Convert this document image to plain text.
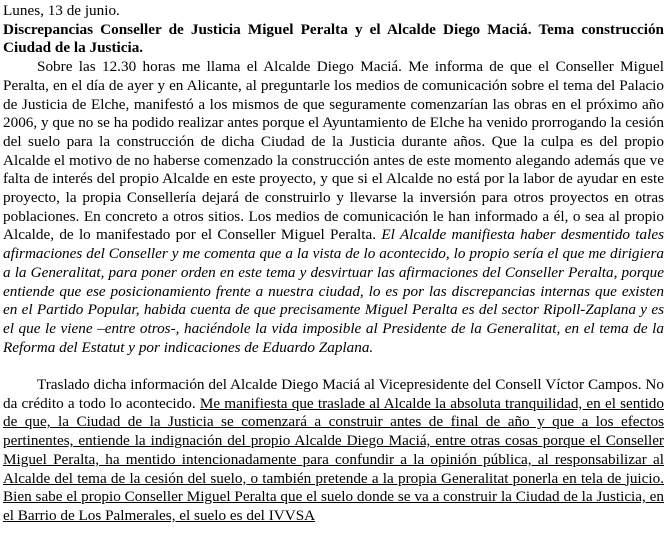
Lunes, 13 de junio.

Discrepancias Conseller de Justicia Miguel Peralta y el Alcalde Diego Maciá. Tema construcción Ciudad de la Justicia.

Sobre las 12.30 horas me llama el Alcalde Diego Maciá. Me informa de que el Conseller Miguel Peralta, en el día de ayer y en Alicante, al preguntarle los medios de comunicación sobre el tema del Palacio de Justicia de Elche, manifestó a los mismos de que seguramente comenzarían las obras en el próximo año 2006, y que no se ha podido realizar antes porque el Ayuntamiento de Elche ha venido prorrogando la cesión del suelo para la construcción de dicha Ciudad de la Justicia durante años. Que la culpa es del propio Alcalde el motivo de no haberse comenzado la construcción antes de este momento alegando además que ve falta de interés del propio Alcalde en este proyecto, y que si el Alcalde no está por la labor de ayudar en este proyecto, la propia Consellería dejará de construirlo y llevarse la inversión para otros proyectos en otras poblaciones. En concreto a otros sitios. Los medios de comunicación le han informado a él, o sea al propio Alcalde, de lo manifestado por el Conseller Miguel Peralta. El Alcalde manifiesta haber desmentido tales afirmaciones del Conseller y me comenta que a la vista de lo acontecido, lo propio sería el que me dirigiera a la Generalitat, para poner orden en este tema y desvirtuar las afirmaciones del Conseller Peralta, porque entiende que ese posicionamiento frente a nuestra ciudad, lo es por las discrepancias internas que existen en el Partido Popular, habida cuenta de que precisamente Miguel Peralta es del sector Ripoll-Zaplana y es el que le viene –entre otros-, haciéndole la vida imposible al Presidente de la Generalitat, en el tema de la Reforma del Estatut y por indicaciones de Eduardo Zaplana.

Traslado dicha información del Alcalde Diego Maciá al Vicepresidente del Consell Víctor Campos. No da crédito a todo lo acontecido. Me manifiesta que traslade al Alcalde la absoluta tranquilidad, en el sentido de que, la Ciudad de la Justicia se comenzará a construir antes de final de año y que a los efectos pertinentes, entiende la indignación del propio Alcalde Diego Maciá, entre otras cosas porque el Conseller Miguel Peralta, ha mentido intencionadamente para confundir a la opinión pública, al responsabilizar al Alcalde del tema de la cesión del suelo, o también pretende a la propia Generalitat ponerla en tela de juicio. Bien sabe el propio Conseller Miguel Peralta que el suelo donde se va a construir la Ciudad de la Justicia, en el Barrio de Los Palmerales, el suelo es del IVVSA
